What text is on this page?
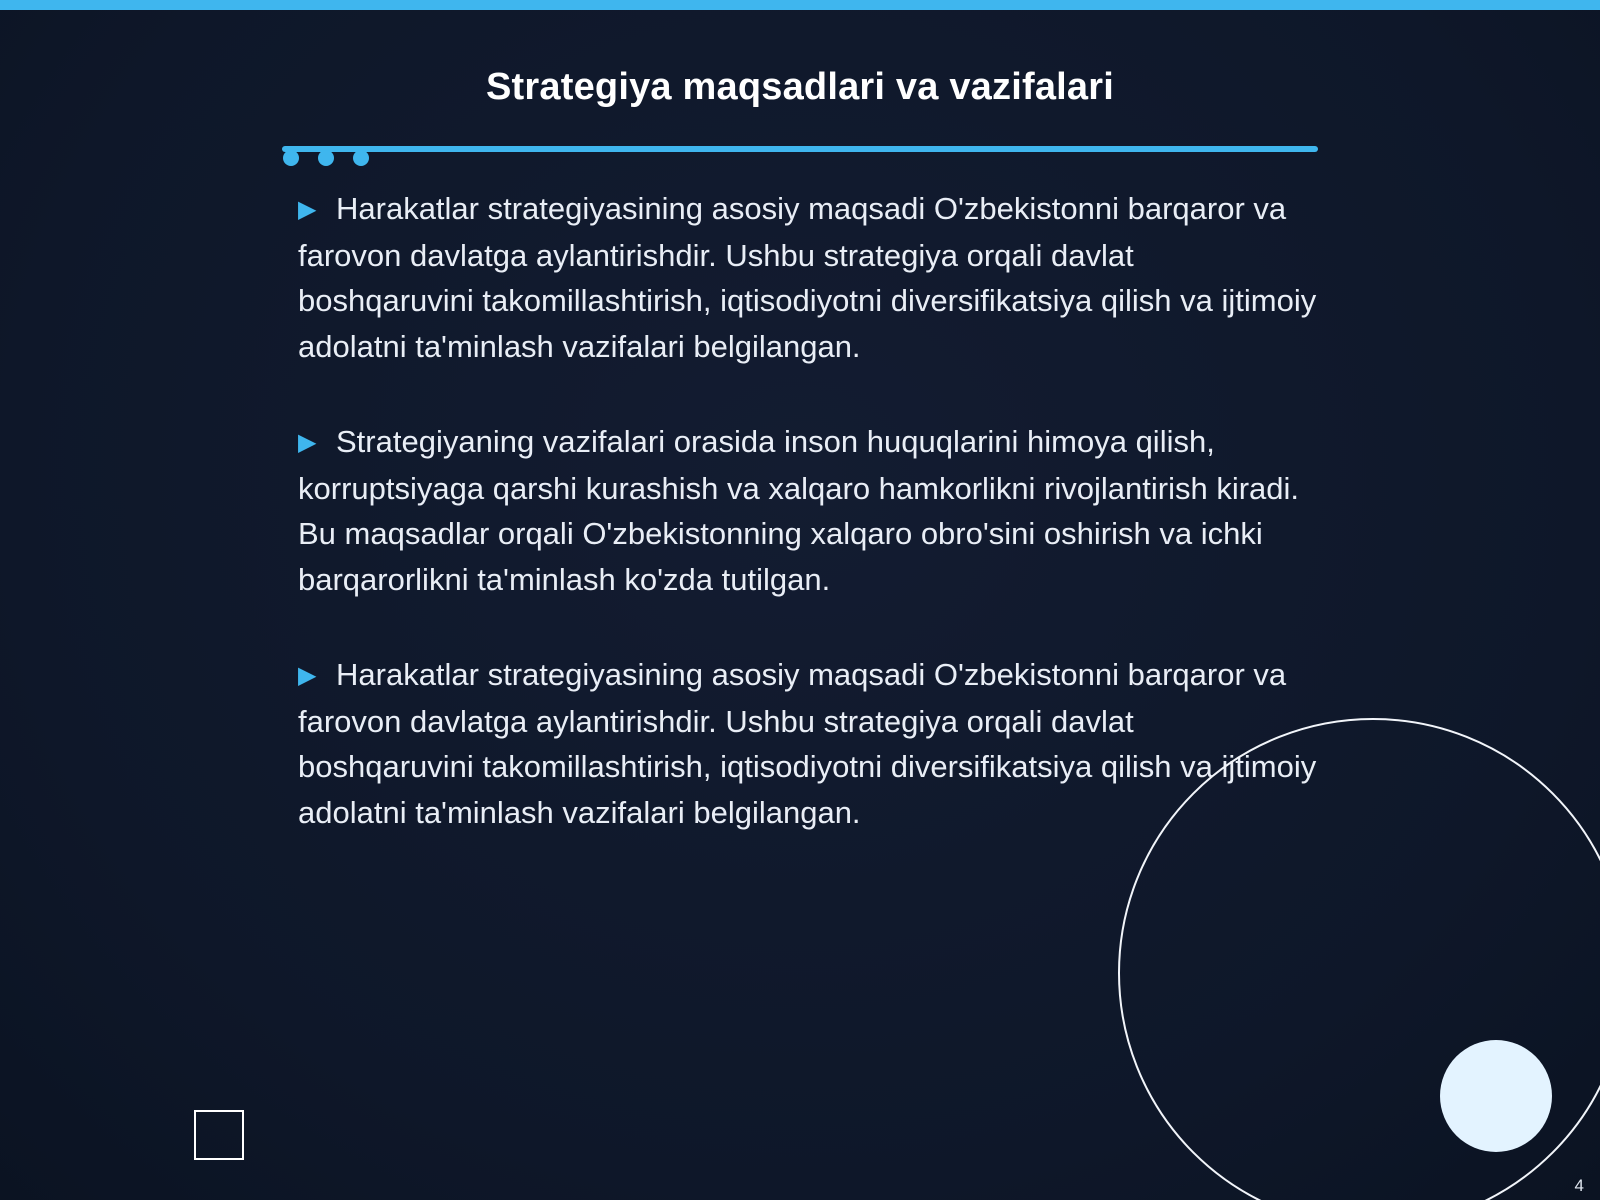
Strategiya maqsadlari va vazifalari

▶ Harakatlar strategiyasining asosiy maqsadi O'zbekistonni barqaror va farovon davlatga aylantirishdir. Ushbu strategiya orqali davlat boshqaruvini takomillashtirish, iqtisodiyotni diversifikatsiya qilish va ijtimoiy adolatni ta'minlash vazifalari belgilangan.

▶ Strategiyaning vazifalari orasida inson huquqlarini himoya qilish, korruptsiyaga qarshi kurashish va xalqaro hamkorlikni rivojlantirish kiradi. Bu maqsadlar orqali O'zbekistonning xalqaro obro'sini oshirish va ichki barqarorlikni ta'minlash ko'zda tutilgan.

▶ Harakatlar strategiyasining asosiy maqsadi O'zbekistonni barqaror va farovon davlatga aylantirishdir. Ushbu strategiya orqali davlat boshqaruvini takomillashtirish, iqtisodiyotni diversifikatsiya qilish va ijtimoiy adolatni ta'minlash vazifalari belgilangan.

4
